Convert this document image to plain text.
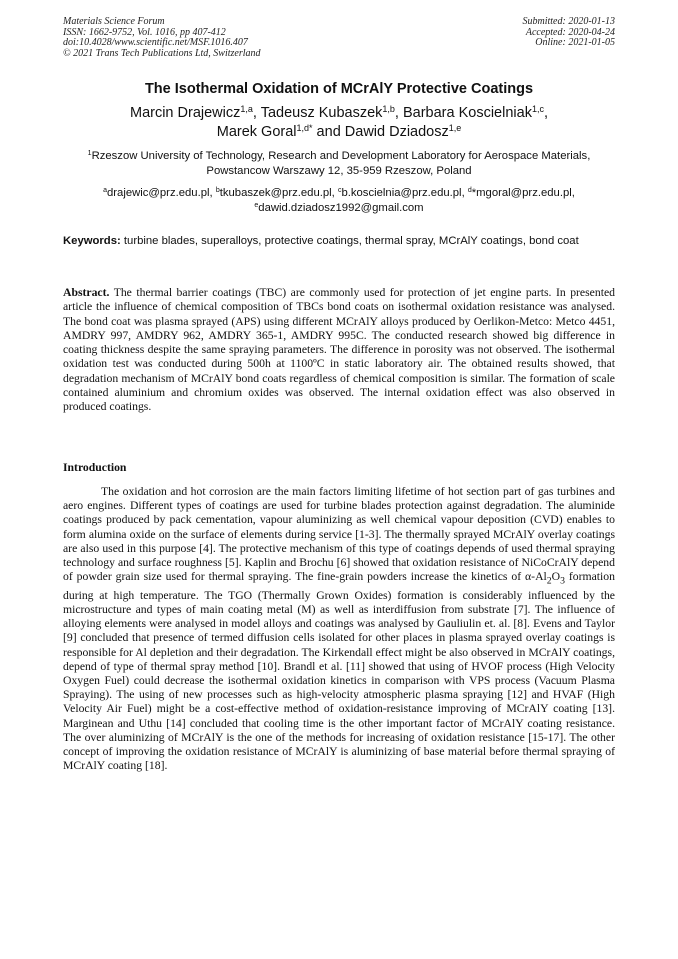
Materials Science Forum
ISSN: 1662-9752, Vol. 1016, pp 407-412
doi:10.4028/www.scientific.net/MSF.1016.407
© 2021 Trans Tech Publications Ltd, Switzerland
Submitted: 2020-01-13
Accepted: 2020-04-24
Online: 2021-01-05
The Isothermal Oxidation of MCrAlY Protective Coatings
Marcin Drajewicz$^{1,a}$, Tadeusz Kubaszek$^{1,b}$, Barbara Koscielniak$^{1,c}$,
Marek Goral$^{1,d*}$ and Dawid Dziadosz$^{1,e}$
$^1$Rzeszow University of Technology, Research and Development Laboratory for Aerospace Materials, Powstancow Warszawy 12, 35-959 Rzeszow, Poland
$^a$drajewic@prz.edu.pl, $^b$tkubaszek@prz.edu.pl, $^c$b.koscielnia@prz.edu.pl, $^d$*mgoral@prz.edu.pl,
$^e$dawid.dziadosz1992@gmail.com
Keywords: turbine blades, superalloys, protective coatings, thermal spray, MCrAlY coatings, bond coat
Abstract. The thermal barrier coatings (TBC) are commonly used for protection of jet engine parts. In presented article the influence of chemical composition of TBCs bond coats on isothermal oxidation resistance was analysed. The bond coat was plasma sprayed (APS) using different MCrAlY alloys produced by Oerlikon-Metco: Metco 4451, AMDRY 997, AMDRY 962, AMDRY 365-1, AMDRY 995C. The conducted research showed big difference in coating thickness despite the same spraying parameters. The difference in porosity was not observed. The isothermal oxidation test was conducted during 500h at 1100ºC in static laboratory air. The obtained results showed, that degradation mechanism of MCrAlY bond coats regardless of chemical composition is similar. The formation of scale contained aluminium and chromium oxides was observed. The internal oxidation effect was also observed in produced coatings.
Introduction
The oxidation and hot corrosion are the main factors limiting lifetime of hot section part of gas turbines and aero engines. Different types of coatings are used for turbine blades protection against degradation. The aluminide coatings produced by pack cementation, vapour aluminizing as well chemical vapour deposition (CVD) enables to form alumina oxide on the surface of elements during service [1-3]. The thermally sprayed MCrAlY overlay coatings are also used in this purpose [4]. The protective mechanism of this type of coatings depends of used thermal spraying technology and surface roughness [5]. Kaplin and Brochu [6] showed that oxidation resistance of NiCoCrAlY depend of powder grain size used for thermal spraying. The fine-grain powders increase the kinetics of $\alpha-Al_2O_3$ formation during at high temperature. The TGO (Thermally Grown Oxides) formation is considerably influenced by the microstructure and types of main coating metal (M) as well as interdiffusion from substrate [7]. The influence of alloying elements were analysed in model alloys and coatings was analysed by Gauliulin et. al. [8]. Evens and Taylor [9] concluded that presence of termed diffusion cells isolated for other places in plasma sprayed overlay coatings is responsible for Al depletion and their degradation. The Kirkendall effect might be also observed in MCrAlY coatings, depend of type of thermal spray method [10]. Brandl et al. [11] showed that using of HVOF process (High Velocity Oxygen Fuel) could decrease the isothermal oxidation kinetics in comparison with VPS process (Vacuum Plasma Spraying). The using of new processes such as high-velocity atmospheric plasma spraying [12] and HVAF (High Velocity Air Fuel) might be a cost-effective method of oxidation-resistance improving of MCrAlY coating [13]. Marginean and Uthu [14] concluded that cooling time is the other important factor of MCrAlY coating resistance. The over aluminizing of MCrAlY is the one of the methods for increasing of oxidation resistance [15-17]. The other concept of improving the oxidation resistance of MCrAlY is aluminizing of base material before thermal spraying of MCrAlY coating [18].
